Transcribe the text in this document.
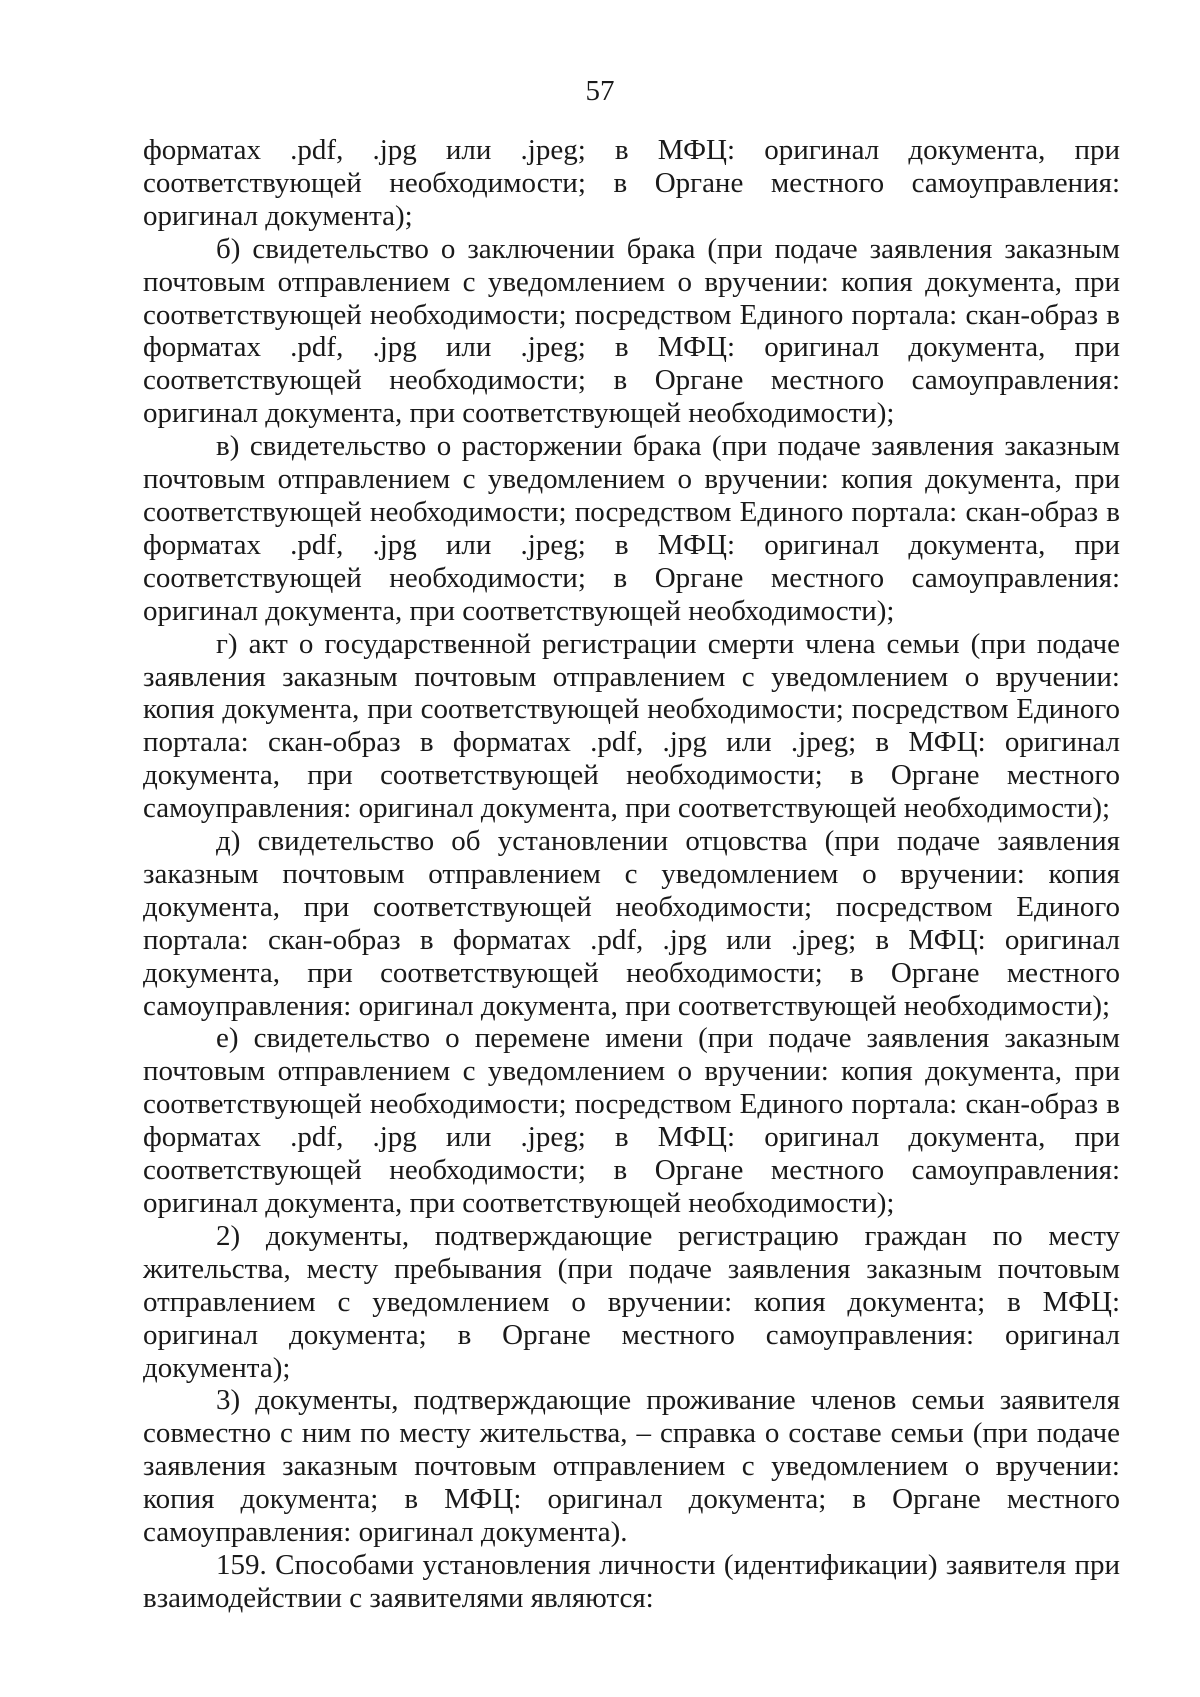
57

форматах .pdf, .jpg или .jpeg; в МФЦ: оригинал документа, при соответствующей необходимости; в Органе местного самоуправления: оригинал документа);

б) свидетельство о заключении брака (при подаче заявления заказным почтовым отправлением с уведомлением о вручении: копия документа, при соответствующей необходимости; посредством Единого портала: скан-образ в форматах .pdf, .jpg или .jpeg; в МФЦ: оригинал документа, при соответствующей необходимости; в Органе местного самоуправления: оригинал документа, при соответствующей необходимости);

в) свидетельство о расторжении брака (при подаче заявления заказным почтовым отправлением с уведомлением о вручении: копия документа, при соответствующей необходимости; посредством Единого портала: скан-образ в форматах .pdf, .jpg или .jpeg; в МФЦ: оригинал документа, при соответствующей необходимости; в Органе местного самоуправления: оригинал документа, при соответствующей необходимости);

г) акт о государственной регистрации смерти члена семьи (при подаче заявления заказным почтовым отправлением с уведомлением о вручении: копия документа, при соответствующей необходимости; посредством Единого портала: скан-образ в форматах .pdf, .jpg или .jpeg; в МФЦ: оригинал документа, при соответствующей необходимости; в Органе местного самоуправления: оригинал документа, при соответствующей необходимости);

д) свидетельство об установлении отцовства (при подаче заявления заказным почтовым отправлением с уведомлением о вручении: копия документа, при соответствующей необходимости; посредством Единого портала: скан-образ в форматах .pdf, .jpg или .jpeg; в МФЦ: оригинал документа, при соответствующей необходимости; в Органе местного самоуправления: оригинал документа, при соответствующей необходимости);

е) свидетельство о перемене имени (при подаче заявления заказным почтовым отправлением с уведомлением о вручении: копия документа, при соответствующей необходимости; посредством Единого портала: скан-образ в форматах .pdf, .jpg или .jpeg; в МФЦ: оригинал документа, при соответствующей необходимости; в Органе местного самоуправления: оригинал документа, при соответствующей необходимости);

2) документы, подтверждающие регистрацию граждан по месту жительства, месту пребывания (при подаче заявления заказным почтовым отправлением с уведомлением о вручении: копия документа; в МФЦ: оригинал документа; в Органе местного самоуправления: оригинал документа);

3) документы, подтверждающие проживание членов семьи заявителя совместно с ним по месту жительства, – справка о составе семьи (при подаче заявления заказным почтовым отправлением с уведомлением о вручении: копия документа; в МФЦ: оригинал документа; в Органе местного самоуправления: оригинал документа).

159. Способами установления личности (идентификации) заявителя при взаимодействии с заявителями являются:
